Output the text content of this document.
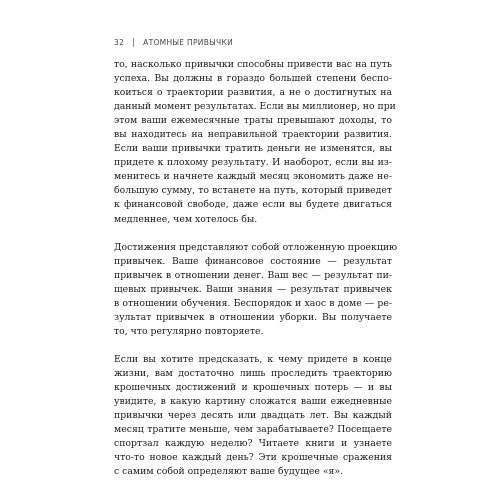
32	АТОМНЫЕ ПРИВЫЧКИ

то, насколько привычки способны привести вас на путь
успеха. Вы должны в гораздо большей степени беспо-
коиться о траектории развития, а не о достигнутых на
данный момент результатах. Если вы миллионер, но при
этом ваши ежемесячные траты превышают доходы, то
вы находитесь на неправильной траектории развития.
Если ваши привычки тратить деньги не изменятся, вы
придете к плохому результату. И наоборот, если вы из-
менитесь и начнете каждый месяц экономить даже не-
большую сумму, то встанете на путь, который приведет
к финансовой свободе, даже если вы будете двигаться
медленнее, чем хотелось бы.

Достижения представляют собой отложенную проекцию
привычек. Ваше финансовое состояние — результат
привычек в отношении денег. Ваш вес — результат пи-
щевых привычек. Ваши знания — результат привычек
в отношении обучения. Беспорядок и хаос в доме — ре-
зультат привычек в отношении уборки. Вы получаете
то, что регулярно повторяете.

Если вы хотите предсказать, к чему придете в конце
жизни, вам достаточно лишь проследить траекторию
крошечных достижений и крошечных потерь — и вы
увидите, в какую картину сложатся ваши ежедневные
привычки через десять или двадцать лет. Вы каждый
месяц тратите меньше, чем зарабатываете? Посещаете
спортзал каждую неделю? Читаете книги и узнаете
что-то новое каждый день? Эти крошечные сражения
с самим собой определяют ваше будущее «я».
